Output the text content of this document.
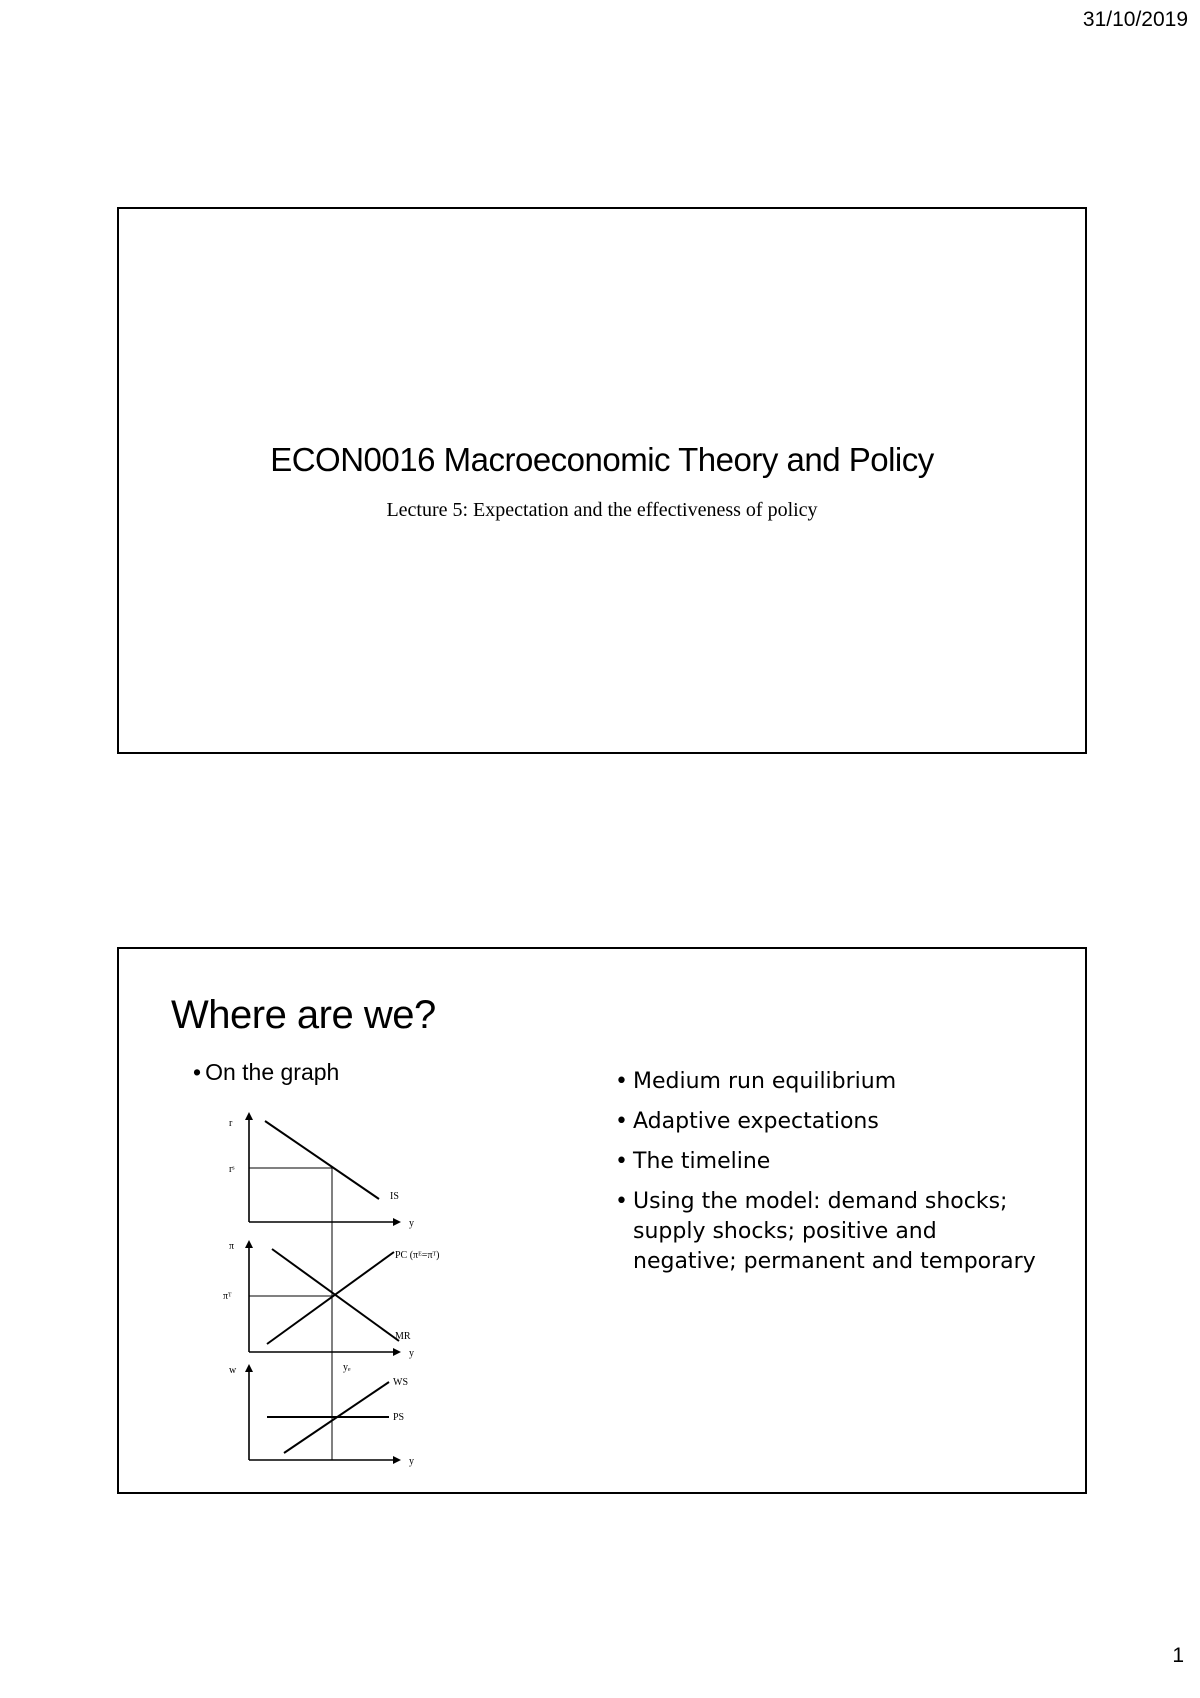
31/10/2019
ECON0016 Macroeconomic Theory and Policy
Lecture 5: Expectation and the effectiveness of policy
Where are we?
• On the graph
•	Medium run equilibrium
• Adaptive expectations
• The timeline
• Using the model: demand shocks; supply shocks; positive and negative; permanent and temporary
r
rˢ
IS
y
π
πᵀ
PC (πᴱ=πᵀ)
MR
y
w	yₑ
WS
PS
y
1
